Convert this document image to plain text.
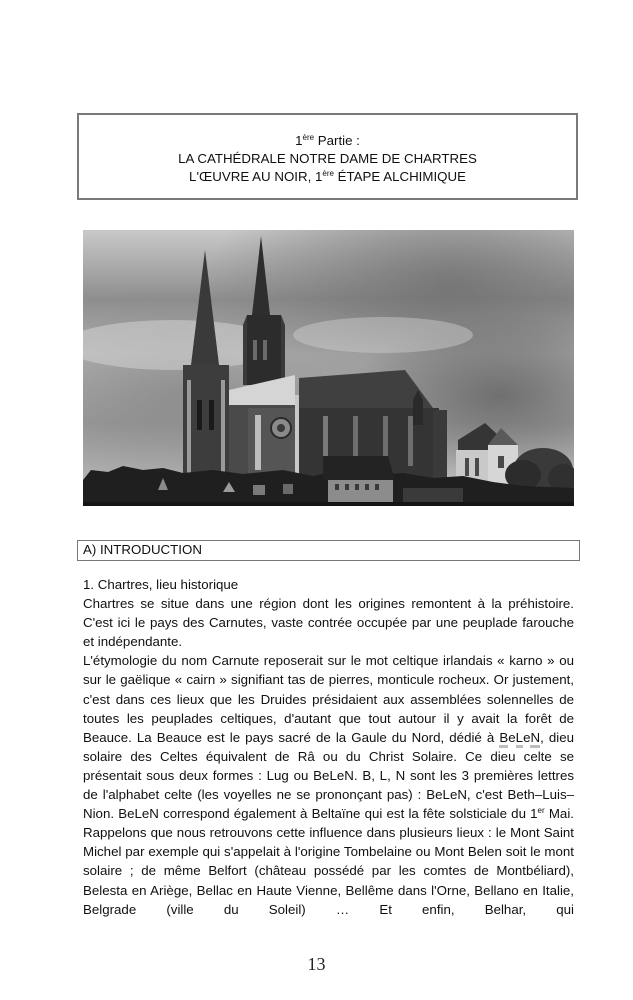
1ère Partie :
LA CATHÉDRALE NOTRE DAME DE CHARTRES
L'ŒUVRE AU NOIR, 1ère ÉTAPE ALCHIMIQUE
A) INTRODUCTION
1. Chartres, lieu historique

Chartres se situe dans une région dont les origines remontent à la préhistoire. C'est ici le pays des Carnutes, vaste contrée occupée par une peuplade farouche et indépendante.

L'étymologie du nom Carnute reposerait sur le mot celtique irlandais « karno » ou sur le gaëlique « cairn » signifiant tas de pierres, monticule rocheux. Or justement, c'est dans ces lieux que les Druides présidaient aux assemblées solennelles de toutes les peuplades celtiques, d'autant que tout autour il y avait la forêt de Beauce. La Beauce est le pays sacré de la Gaule du Nord, dédié à BeLeN, dieu solaire des Celtes équivalent de Râ ou du Christ Solaire. Ce dieu celte se présentait sous deux formes : Lug ou BeLeN. B, L, N sont les 3 premières lettres de l'alphabet celte (les voyelles ne se prononçant pas) : BeLeN, c'est Beth–Luis–Nion. BeLeN correspond également à Beltaïne qui est la fête solsticiale du 1er Mai. Rappelons que nous retrouvons cette influence dans plusieurs lieux : le Mont Saint Michel par exemple qui s'appelait à l'origine Tombelaine ou Mont Belen soit le mont solaire ; de même Belfort (château possédé par les comtes de Montbéliard), Belesta en Ariège, Bellac en Haute Vienne, Bellême dans l'Orne, Bellano en Italie, Belgrade (ville du Soleil) … Et enfin, Belhar, qui

13
